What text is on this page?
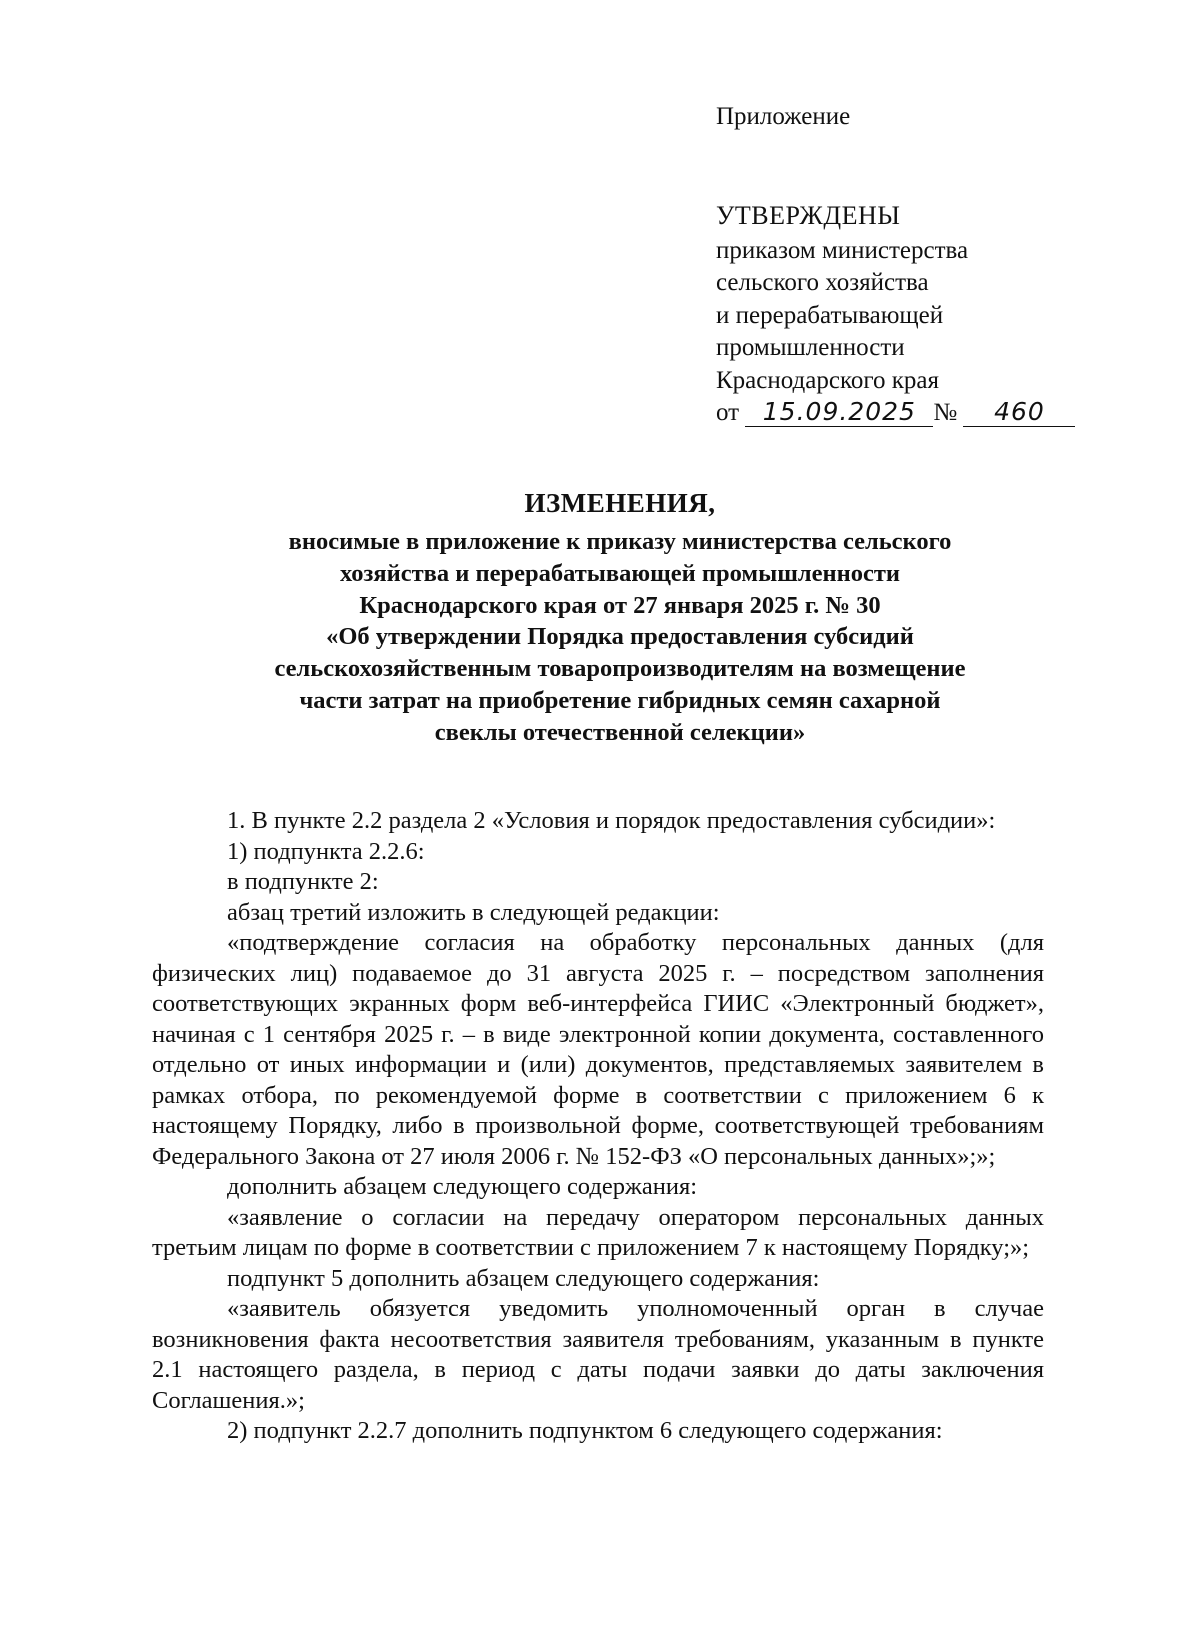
Приложение
УТВЕРЖДЕНЫ
приказом министерства
сельского хозяйства
и перерабатывающей
промышленности
Краснодарского края
от 15.09.2025 № 460
ИЗМЕНЕНИЯ,
вносимые в приложение к приказу министерства сельского
хозяйства и перерабатывающей промышленности
Краснодарского края от 27 января 2025 г. № 30
«Об утверждении Порядка предоставления субсидий
сельскохозяйственным товаропроизводителям на возмещение
части затрат на приобретение гибридных семян сахарной
свеклы отечественной селекции»

1. В пункте 2.2 раздела 2 «Условия и порядок предоставления субсидии»:

1) подпункта 2.2.6:

в подпункте 2:

абзац третий изложить в следующей редакции:

«подтверждение согласия на обработку персональных данных (для физических лиц) подаваемое до 31 августа 2025 г. – посредством заполнения соответствующих экранных форм веб-интерфейса ГИИС «Электронный бюджет», начиная с 1 сентября 2025 г. – в виде электронной копии документа, составленного отдельно от иных информации и (или) документов, представляемых заявителем в рамках отбора, по рекомендуемой форме в соответствии с приложением 6 к настоящему Порядку, либо в произвольной форме, соответствующей требованиям Федерального Закона от 27 июля 2006 г. № 152-ФЗ «О персональных данных»;»;

дополнить абзацем следующего содержания:

«заявление о согласии на передачу оператором персональных данных третьим лицам по форме в соответствии с приложением 7 к настоящему Порядку;»;

подпункт 5 дополнить абзацем следующего содержания:

«заявитель обязуется уведомить уполномоченный орган в случае возникновения факта несоответствия заявителя требованиям, указанным в пункте 2.1 настоящего раздела, в период с даты подачи заявки до даты заключения Соглашения.»;

2) подпункт 2.2.7 дополнить подпунктом 6 следующего содержания:
